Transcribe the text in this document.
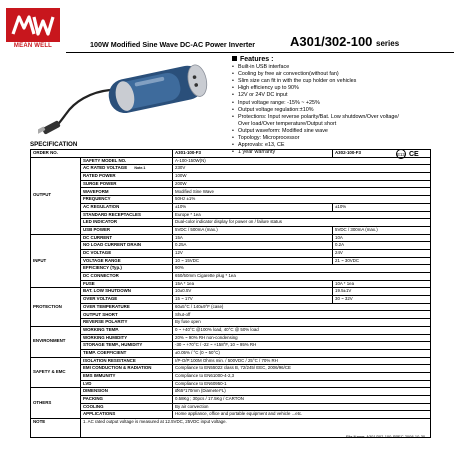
MEAN WELL	100W Modified Sine Wave DC-AC Power Inverter	A301/302-100 series
Features :
• Built-in USB interface
• Cooling by free air convection(without fan)
• Slim size can fit in with the cup holder on vehicles
• High efficiency up to 90%
• 12V or 24V DC input
• Input voltage range: -15% ~ +25%
• Output voltage regulation:±10%
• Protections: Input reverse polarity/Bat. Low shutdown/Over voltage/
Over load/Over temperature/Output short
• Output waveform: Modified sine wave
• Topology: Microprocessor
• Approvals: e13, CE
• 1 year warranty	E13 CE
SPECIFICATION
ORDER NO.		A301-100-F3	A302-100-F3
OUTPUT	SAFETY MODEL NO.	A-100-150W(N)	
	AC RATED VOLTAGE Note.1	230V	
	RATED POWER	100W	
	SURGE POWER	200W	
	WAVEFORM	Modified Sine Wave	
	FREQUENCY	50Hz ±1%	
	AC REGULATION	±10%	±10%
	STANDARD RECEPTACLES	Europe * 1ea	
	LED INDICATOR	Dual-color indicator display for power on / failure status	
	USB POWER	5VDC / 500mA (max.)	5VDC / 300mA (max.)
INPUT	DC CURRENT	15A	10A
	NO LOAD CURRENT DRAIN	0.25A	0.2A
	DC VOLTAGE	12V	24V
	VOLTAGE RANGE	10 ~ 15VDC	21 ~ 30VDC
	EFFICIENCY (Typ.)	90%	
	DC CONNECTOR	650/50mm Cigarette plug * 1ea	
	FUSE	15A * 1ea	10A * 1ea
PROTECTION	BAT. LOW SHUTDOWN	10±0.5V	19.5±1V
	OVER VOLTAGE	15 ~ 17V	30 ~ 32V
	OVER TEMPERATURE	60±5°C / 140±9°F (case)	
	OUTPUT SHORT	Shut-off	
	REVERSE POLARITY	By fuse open	
ENVIRONMENT	WORKING TEMP.	0 ~ +40°C @100% load, 40°C @ 50% load	
	WORKING HUMIDITY	20% ~ 90% RH non-condensing	
	STORAGE TEMP., HUMIDITY	-30 ~ +70°C / -22 ~ +158°F, 10 ~ 95% RH	
	TEMP. COEFFICIENT	±0.05% / °C (0 ~ 50°C)	
SAFETY & EMC	ISOLATION RESISTANCE	I/P-O/P:100M Ohms min. / 500VDC / 25°C / 70% RH	
	EMI CONDUCTION & RADIATION	Compliance to EN55022 class B, 72/245/ EEC, 2006/96/CE	
	EMS IMMUNITY	Compliance to EN61000-4-2,3	
	LVD	Compliance to EN60950-1	
OTHERS	DIMENSION	Ø65*170mm (Diameter*L)	
	PACKING	0.58Kg ; 30pcs / 17.5Kg / CARTON	
	COOLING	By air convection	
	APPLICATIONS	Home appliance, office and portable equipment and vehicle ...etc.	
NOTE	1. AC rated output voltage is measured at 12.5VDC, 25VDC input voltage.		
File Name: A301/302-100-SPEC 2008-10-30
